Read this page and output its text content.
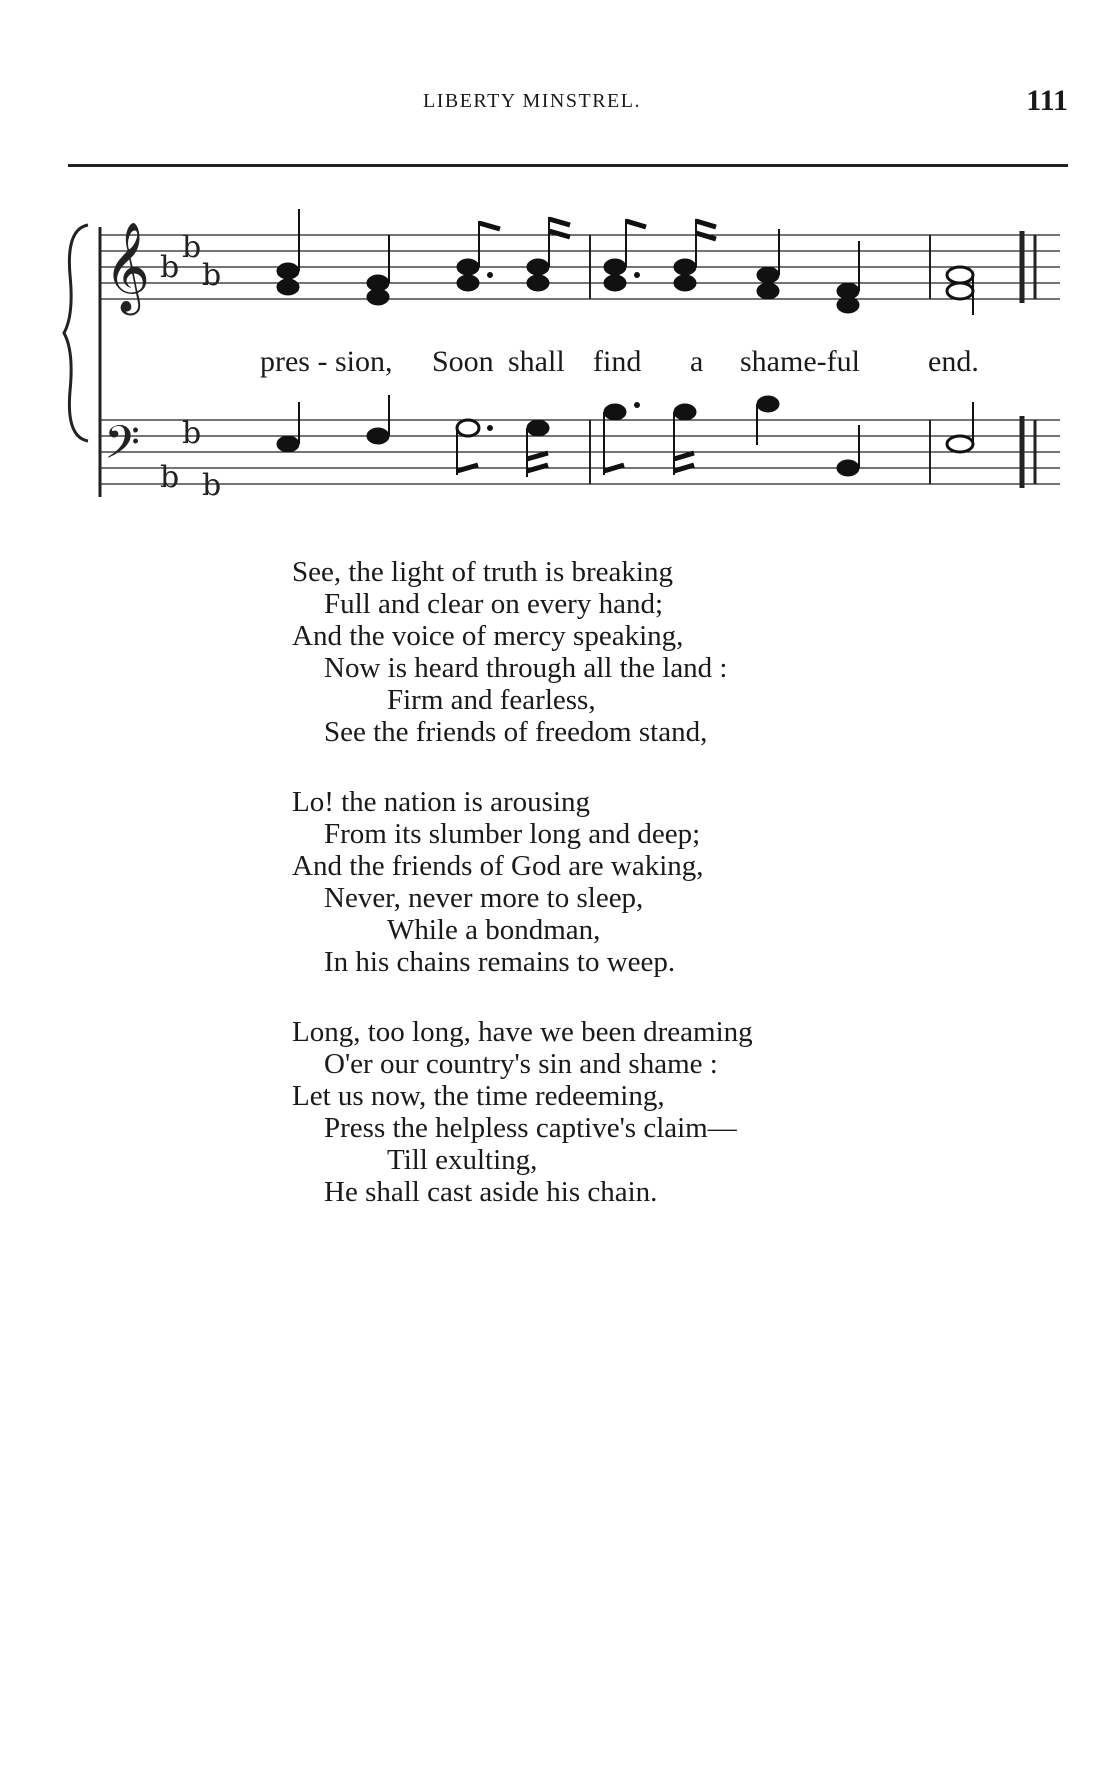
LIBERTY MINSTREL.	111
𝄞
𝄢
b
b b
b
b b
pres - sion, Soon shall find a shame-ful end.
See, the light of truth is breaking
Full and clear on every hand;
And the voice of mercy speaking,
Now is heard through all the land :
Firm and fearless,
See the friends of freedom stand,
Lo! the nation is arousing
From its slumber long and deep;
And the friends of God are waking,
Never, never more to sleep,
While a bondman,
In his chains remains to weep.
Long, too long, have we been dreaming
O'er our country's sin and shame :
Let us now, the time redeeming,
Press the helpless captive's claim—
Till exulting,
He shall cast aside his chain.
